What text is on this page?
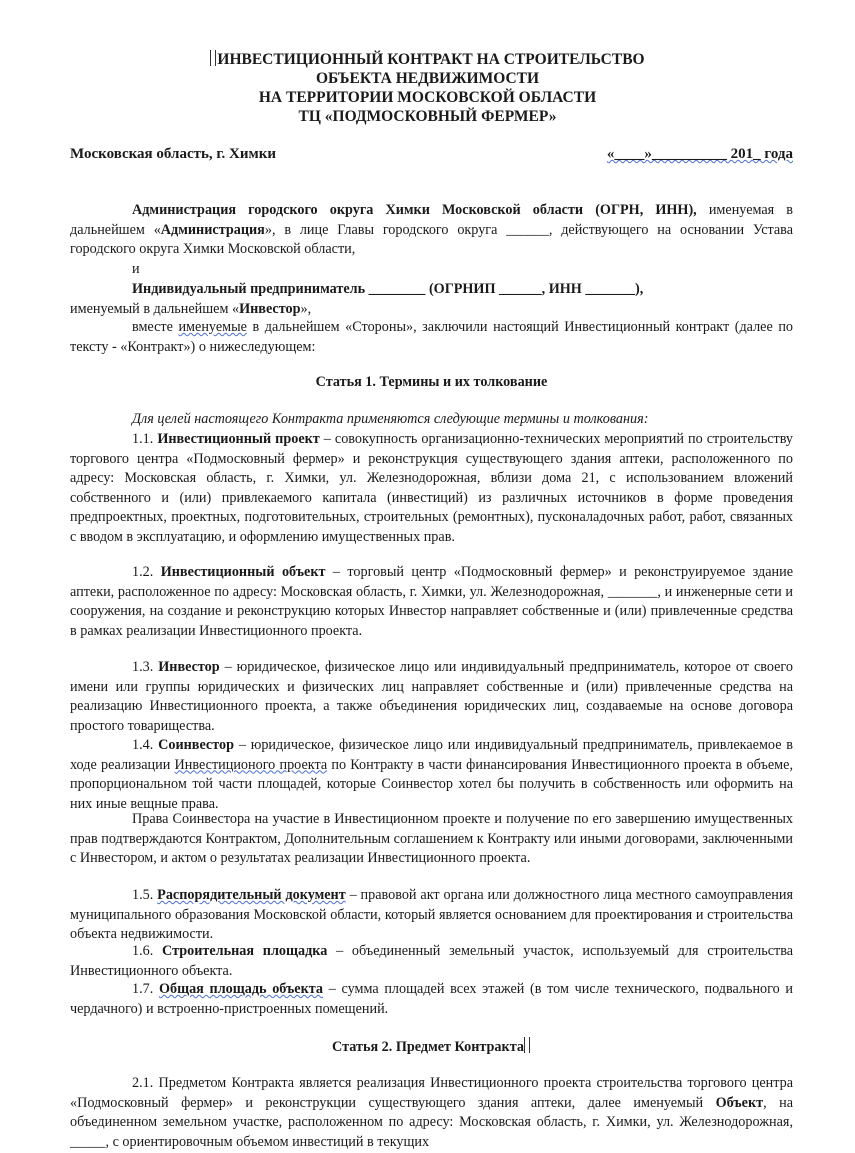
ИНВЕСТИЦИОННЫЙ КОНТРАКТ НА СТРОИТЕЛЬСТВО
ОБЪЕКТА НЕДВИЖИМОСТИ
НА ТЕРРИТОРИИ МОСКОВСКОЙ ОБЛАСТИ
ТЦ «ПОДМОСКОВНЫЙ ФЕРМЕР»
Московская область, г. Химки	«____»__________ 201_ года
Администрация городского округа Химки Московской области (ОГРН, ИНН), именуемая в дальнейшем «Администрация», в лице Главы городского округа ______, действующего на основании Устава городского округа Химки Московской области,
и
Индивидуальный предприниматель ________ (ОГРНИП ______, ИНН _______),
именуемый в дальнейшем «Инвестор»,
вместе именуемые в дальнейшем «Стороны», заключили настоящий Инвестиционный контракт (далее по тексту - «Контракт») о нижеследующем:
Статья 1. Термины и их толкование
Для целей настоящего Контракта применяются следующие термины и толкования:
1.1. Инвестиционный проект – совокупность организационно-технических мероприятий по строительству торгового центра «Подмосковный фермер» и реконструкция существующего здания аптеки, расположенного по адресу: Московская область, г. Химки, ул. Железнодорожная, вблизи дома 21, с использованием вложений собственного и (или) привлекаемого капитала (инвестиций) из различных источников в форме проведения предпроектных, проектных, подготовительных, строительных (ремонтных), пусконаладочных работ, работ, связанных с вводом в эксплуатацию, и оформлению имущественных прав.
1.2. Инвестиционный объект – торговый центр «Подмосковный фермер» и реконструируемое здание аптеки, расположенное по адресу: Московская область, г. Химки, ул. Железнодорожная, _______, и инженерные сети и сооружения, на создание и реконструкцию которых Инвестор направляет собственные и (или) привлеченные средства в рамках реализации Инвестиционного проекта.
1.3. Инвестор – юридическое, физическое лицо или индивидуальный предприниматель, которое от своего имени или группы юридических и физических лиц направляет собственные и (или) привлеченные средства на реализацию Инвестиционного проекта, а также объединения юридических лиц, создаваемые на основе договора простого товарищества.
1.4. Соинвестор – юридическое, физическое лицо или индивидуальный предприниматель, привлекаемое в ходе реализации Инвестиционого проекта по Контракту в части финансирования Инвестиционного проекта в объеме, пропорциональном той части площадей, которые Соинвестор хотел бы получить в собственность или оформить на них иные вещные права.
Права Соинвестора на участие в Инвестиционном проекте и получение по его завершению имущественных прав подтверждаются Контрактом, Дополнительным соглашением к Контракту или иными договорами, заключенными с Инвестором, и актом о результатах реализации Инвестиционного проекта.
1.5. Распорядительный документ – правовой акт органа или должностного лица местного самоуправления муниципального образования Московской области, который является основанием для проектирования и строительства объекта недвижимости.
1.6. Строительная площадка – объединенный земельный участок, используемый для строительства Инвестиционного объекта.
1.7. Общая площадь объекта – сумма площадей всех этажей (в том числе технического, подвального и чердачного) и встроенно-пристроенных помещений.
Статья 2. Предмет Контракта
2.1. Предметом Контракта является реализация Инвестиционного проекта строительства торгового центра «Подмосковный фермер» и реконструкции существующего здания аптеки, далее именуемый Объект, на объединенном земельном участке, расположенном по адресу: Московская область, г. Химки, ул. Железнодорожная, _____, с ориентировочным объемом инвестиций в текущих
